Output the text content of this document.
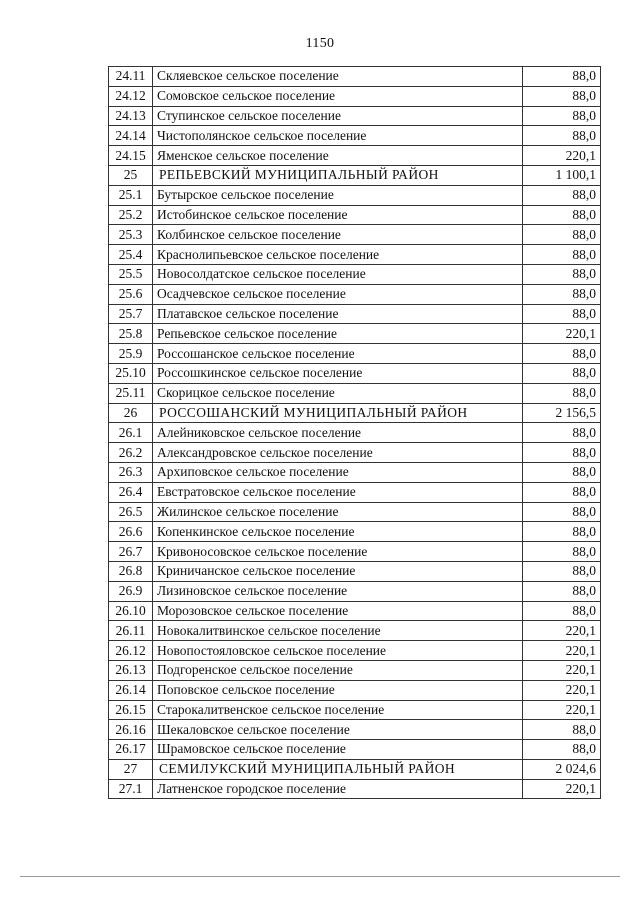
1150
24.11	Скляевское сельское поселение	88,0
24.12	Сомовское сельское поселение	88,0
24.13	Ступинское сельское поселение	88,0
24.14	Чистополянское сельское поселение	88,0
24.15	Яменское сельское поселение	220,1
25	РЕПЬЕВСКИЙ МУНИЦИПАЛЬНЫЙ РАЙОН	1 100,1
25.1	Бутырское сельское поселение	88,0
25.2	Истобинское сельское поселение	88,0
25.3	Колбинское сельское поселение	88,0
25.4	Краснолипьевское сельское поселение	88,0
25.5	Новосолдатское сельское поселение	88,0
25.6	Осадчевское сельское поселение	88,0
25.7	Платавское сельское поселение	88,0
25.8	Репьевское сельское поселение	220,1
25.9	Россошанское сельское поселение	88,0
25.10	Россошкинское сельское поселение	88,0
25.11	Скорицкое сельское поселение	88,0
26	РОССОШАНСКИЙ МУНИЦИПАЛЬНЫЙ РАЙОН	2 156,5
26.1	Алейниковское сельское поселение	88,0
26.2	Александровское сельское поселение	88,0
26.3	Архиповское сельское поселение	88,0
26.4	Евстратовское сельское поселение	88,0
26.5	Жилинское сельское поселение	88,0
26.6	Копенкинское сельское поселение	88,0
26.7	Кривоносовское сельское поселение	88,0
26.8	Криничанское сельское поселение	88,0
26.9	Лизиновское сельское поселение	88,0
26.10	Морозовское сельское поселение	88,0
26.11	Новокалитвинское сельское поселение	220,1
26.12	Новопостояловское сельское поселение	220,1
26.13	Подгоренское сельское поселение	220,1
26.14	Поповское сельское поселение	220,1
26.15	Старокалитвенское сельское поселение	220,1
26.16	Шекаловское сельское поселение	88,0
26.17	Шрамовское сельское поселение	88,0
27	СЕМИЛУКСКИЙ МУНИЦИПАЛЬНЫЙ РАЙОН	2 024,6
27.1	Латненское городское поселение	220,1
